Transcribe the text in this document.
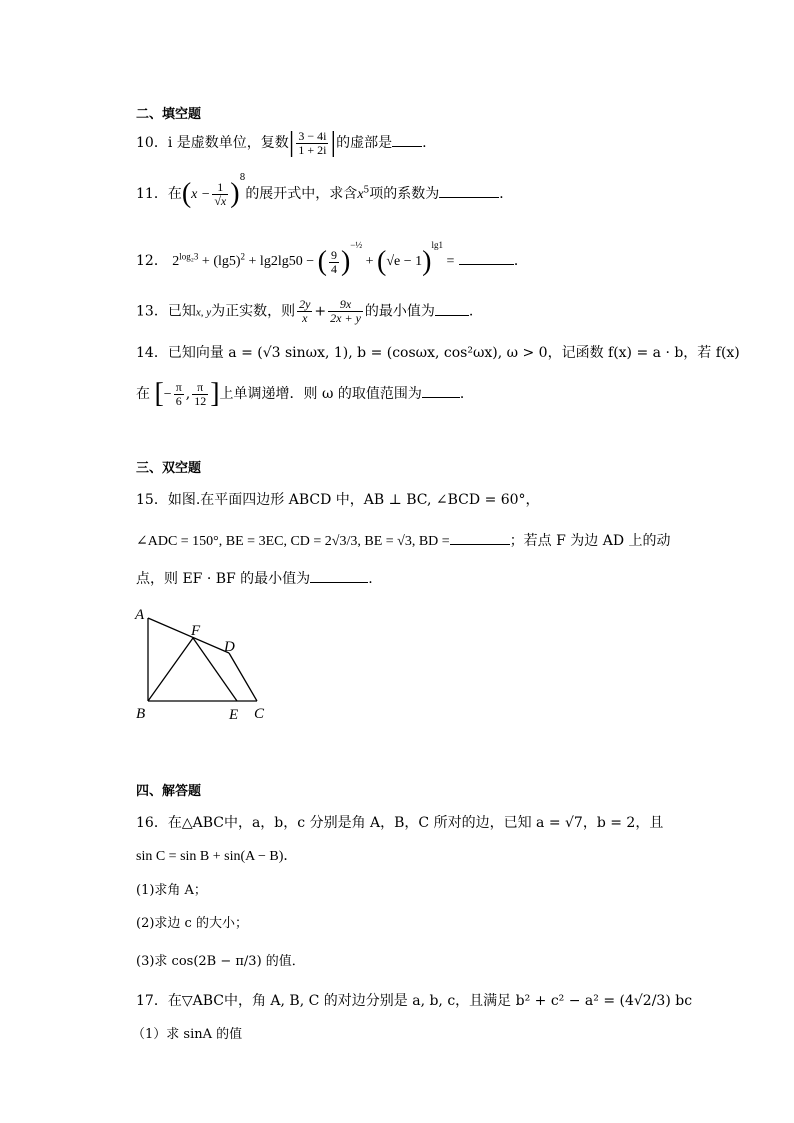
二、填空题
10．i 是虚数单位，复数| $\frac{3 - 4i}{1 + 2i}$ |的虚部是 .
11．在$(x - \frac{1}{√x} )^8$的展开式中，求含$x^5$项的系数为	．
12． $2^{log_23} + (\lg 5)^2 + \lg 2\lg 50$ − ( $\frac{9}{4} )^{-\frac{1}{2}} + (√e - 1)^{lg1}$ =	．
13．已知x, y为正实数，则 $\frac{2y}{x} + \frac{9x}{2x + y}$ 的最小值为 .
14．已知向量 a = (√3 sinωx, 1), b = (cosωx, cos²ωx), ω > 0，记函数 f(x) = a · b，若 f(x)
在 [− $\frac{\pi}{6}$ , $\frac{\pi}{12}$ ]上单调递增．则 ω 的取值范围为	．
三、双空题
15．如图.在平面四边形 ABCD 中，AB ⊥ BC, ∠BCD = 60°，
∠ADC = 150°, BE = 3EC, CD = 2√3/3, BE = √3, BD =	；若点 F 为边 AD 上的动
点，则 EF · BF 的最小值为	.
A
B	C
D
E
F
四、解答题
16．在△ABC中，a，b，c 分别是角 A，B，C 所对的边，已知 a = √7，b = 2，且
sin C = sin B + sin(A − B)．
(1)求角 A；
(2)求边 c 的大小；
(3)求 cos(2B − π/3) 的值．
17．在▽ABC中，角 A, B, C 的对边分别是 a, b, c，且满足 b² + c² − a² = (4√2/3) bc
（1）求 sinA 的值
